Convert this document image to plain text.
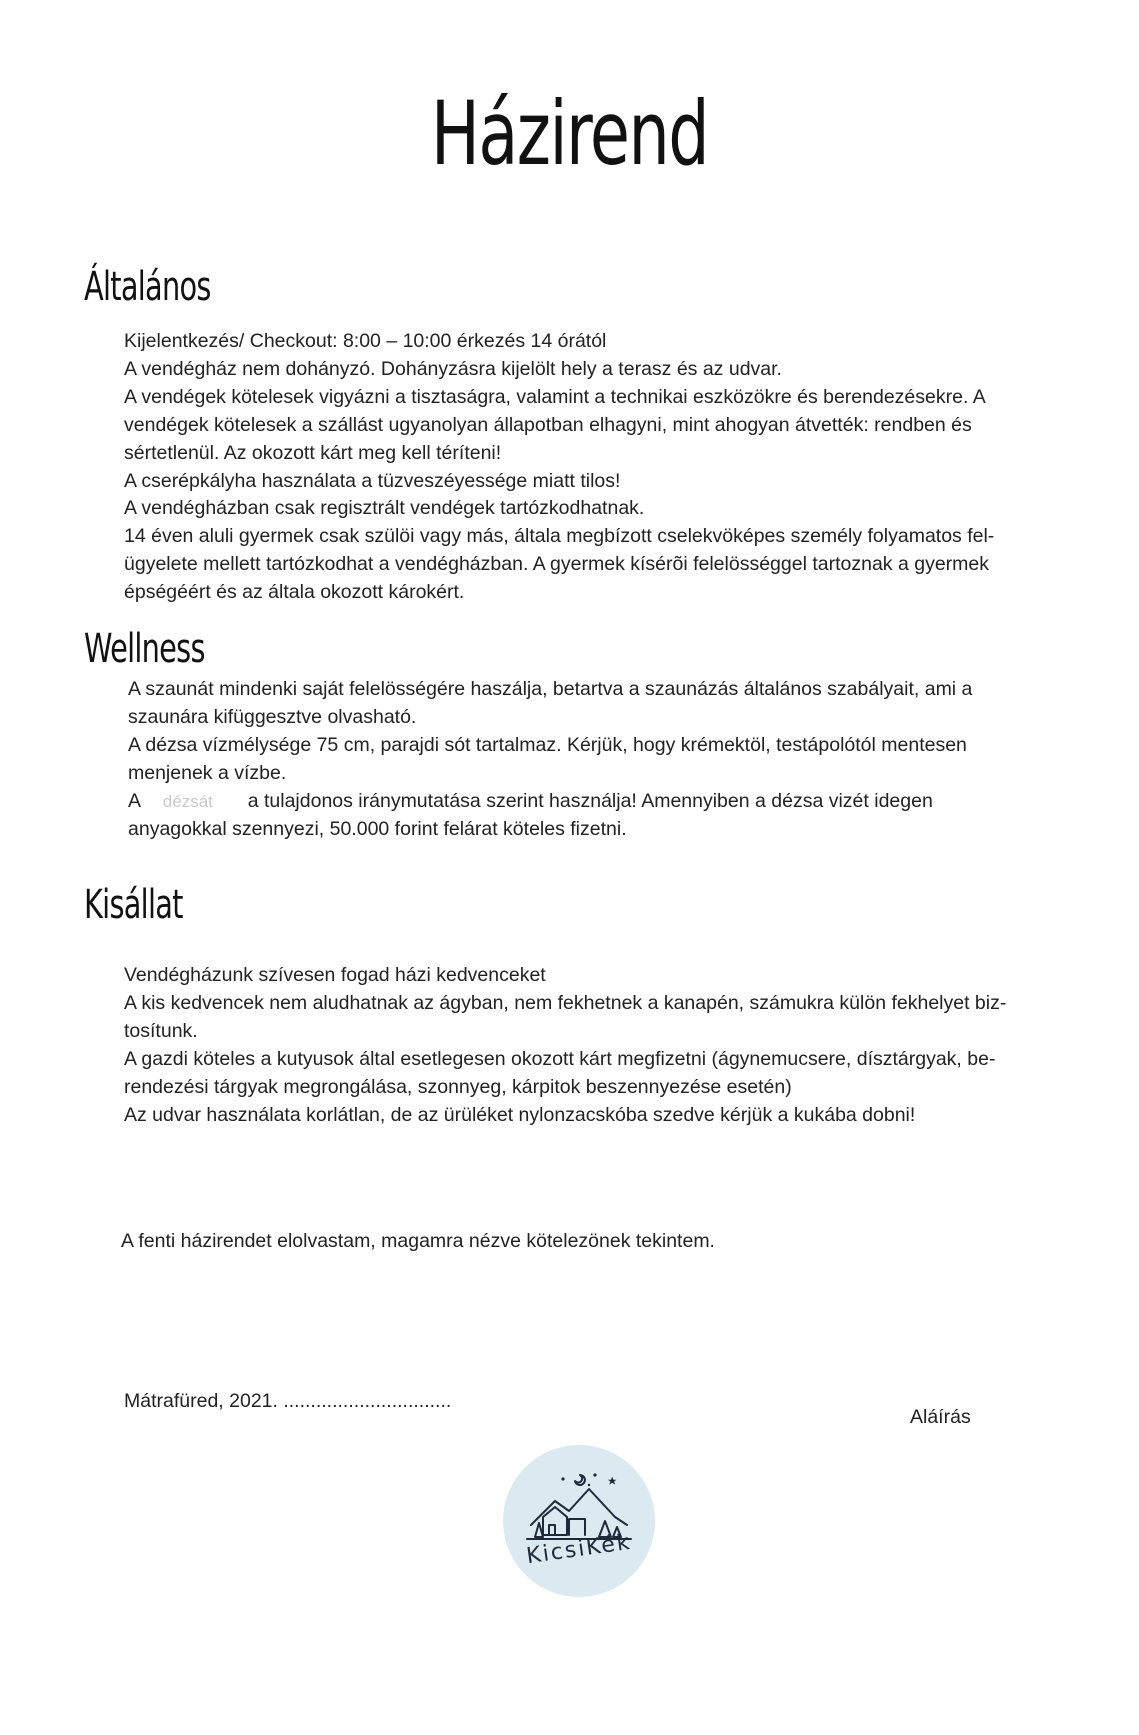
Házirend
Általános

Kijelentkezés/ Checkout: 8:00 – 10:00 érkezés 14 órától

A vendégház nem dohányzó. Dohányzásra kijelölt hely a terasz és az udvar.

A vendégek kötelesek vigyázni a tisztaságra, valamint a technikai eszközökre és berendezésekre. A

vendégek kötelesek a szállást ugyanolyan állapotban elhagyni, mint ahogyan átvették: rendben és

sértetlenül. Az okozott kárt meg kell téríteni!

A cserépkályha használata a tüzveszéyessége miatt tilos!

A vendégházban csak regisztrált vendégek tartózkodhatnak.

14 éven aluli gyermek csak szülöi vagy más, általa megbízott cselekvöképes személy folyamatos fel-

ügyelete mellett tartózkodhat a vendégházban. A gyermek kísérõi felelösséggel tartoznak a gyermek

épségéért és az általa okozott károkért.

Wellness

A szaunát mindenki saját felelösségére haszálja, betartva a szaunázás általános szabályait, ami a

szaunára kifüggesztve olvasható.

A dézsa vízmélysége 75 cm, parajdi sót tartalmaz. Kérjük, hogy krémektöl, testápolótól mentesen

menjenek a vízbe.

A dézsát a tulajdonos iránymutatása szerint használja! Amennyiben a dézsa vizét idegen

anyagokkal szennyezi, 50.000 forint felárat köteles fizetni.

Kisállat

Vendégházunk szívesen fogad házi kedvenceket

A kis kedvencek nem aludhatnak az ágyban, nem fekhetnek a kanapén, számukra külön fekhelyet biz-

tosítunk.

A gazdi köteles a kutyusok által esetlegesen okozott kárt megfizetni (ágynemucsere, dísztárgyak, be-

rendezési tárgyak megrongálása, szonnyeg, kárpitok beszennyezése esetén)

Az udvar használata korlátlan, de az ürüléket nylonzacskóba szedve kérjük a kukába dobni!

A fenti házirendet elolvastam, magamra nézve kötelezönek tekintem.

Mátrafüred, 2021. ...............................

Aláírás

KicsiKék
